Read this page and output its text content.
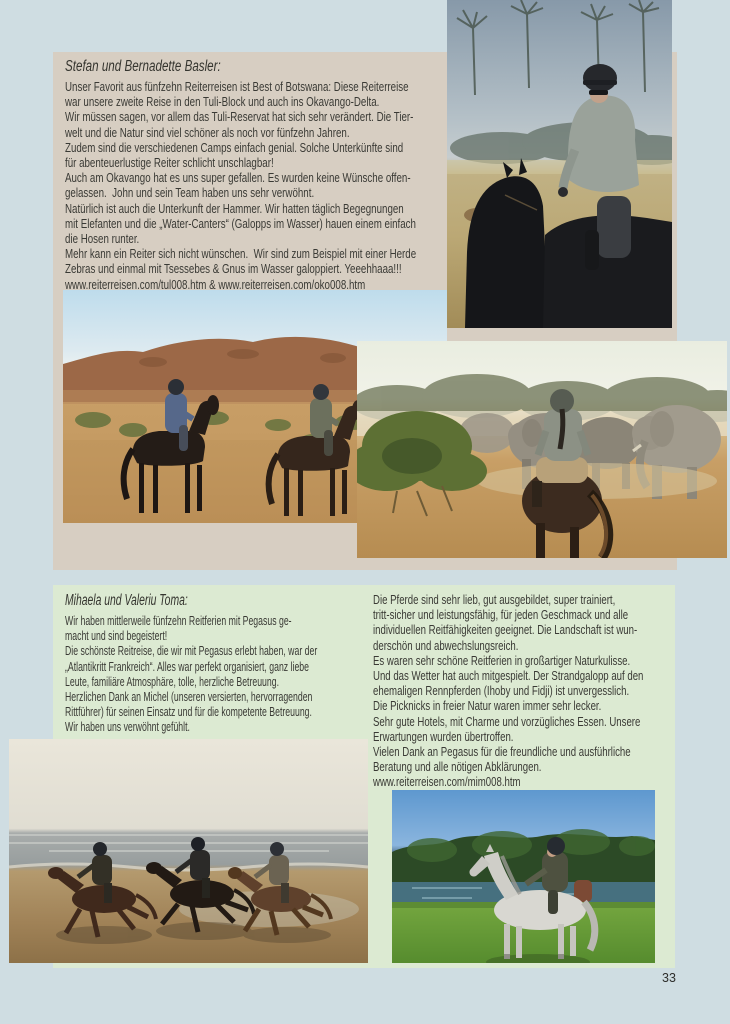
Stefan und Bernadette Basler:
Unser Favorit aus fünfzehn Reiterreisen ist Best of Botswana: Diese Reiterreise
war unsere zweite Reise in den Tuli-Block und auch ins Okavango-Delta.
Wir müssen sagen, vor allem das Tuli-Reservat hat sich sehr verändert. Die Tier-
welt und die Natur sind viel schöner als noch vor fünfzehn Jahren.
Zudem sind die verschiedenen Camps einfach genial. Solche Unterkünfte sind
für abenteuerlustige Reiter schlicht unschlagbar!
Auch am Okavango hat es uns super gefallen. Es wurden keine Wünsche offen-
gelassen.  John und sein Team haben uns sehr verwöhnt.
Natürlich ist auch die Unterkunft der Hammer. Wir hatten täglich Begegnungen
mit Elefanten und die „Water-Canters“ (Galopps im Wasser) hauen einem einfach
die Hosen runter.
Mehr kann ein Reiter sich nicht wünschen.  Wir sind zum Beispiel mit einer Herde
Zebras und einmal mit Tsessebes & Gnus im Wasser galoppiert. Yeeehhaaa!!!
www.reiterreisen.com/tul008.htm & www.reiterreisen.com/oko008.htm
Mihaela und Valeriu Toma:
Wir haben mittlerweile fünfzehn Reitferien mit Pegasus ge-
macht und sind begeistert!
Die schönste Reitreise, die wir mit Pegasus erlebt haben, war der
„Atlantikritt Frankreich“. Alles war perfekt organisiert, ganz liebe
Leute, familiäre Atmosphäre, tolle, herzliche Betreuung.
Herzlichen Dank an Michel (unseren versierten, hervorragenden
Rittführer) für seinen Einsatz und für die kompetente Betreuung.
Wir haben uns verwöhnt gefühlt.
Die Pferde sind sehr lieb, gut ausgebildet, super trainiert,
tritt-sicher und leistungsfähig, für jeden Geschmack und alle
individuellen Reitfähigkeiten geeignet. Die Landschaft ist wun-
derschön und abwechslungsreich.
Es waren sehr schöne Reitferien in großartiger Naturkulisse.
Und das Wetter hat auch mitgespielt. Der Strandgalopp auf den
ehemaligen Rennpferden (Ihoby und Fidji) ist unvergesslich.
Die Picknicks in freier Natur waren immer sehr lecker.
Sehr gute Hotels, mit Charme und vorzügliches Essen. Unsere
Erwartungen wurden übertroffen.
Vielen Dank an Pegasus für die freundliche und ausführliche
Beratung und alle nötigen Abklärungen.
www.reiterreisen.com/mim008.htm
33
